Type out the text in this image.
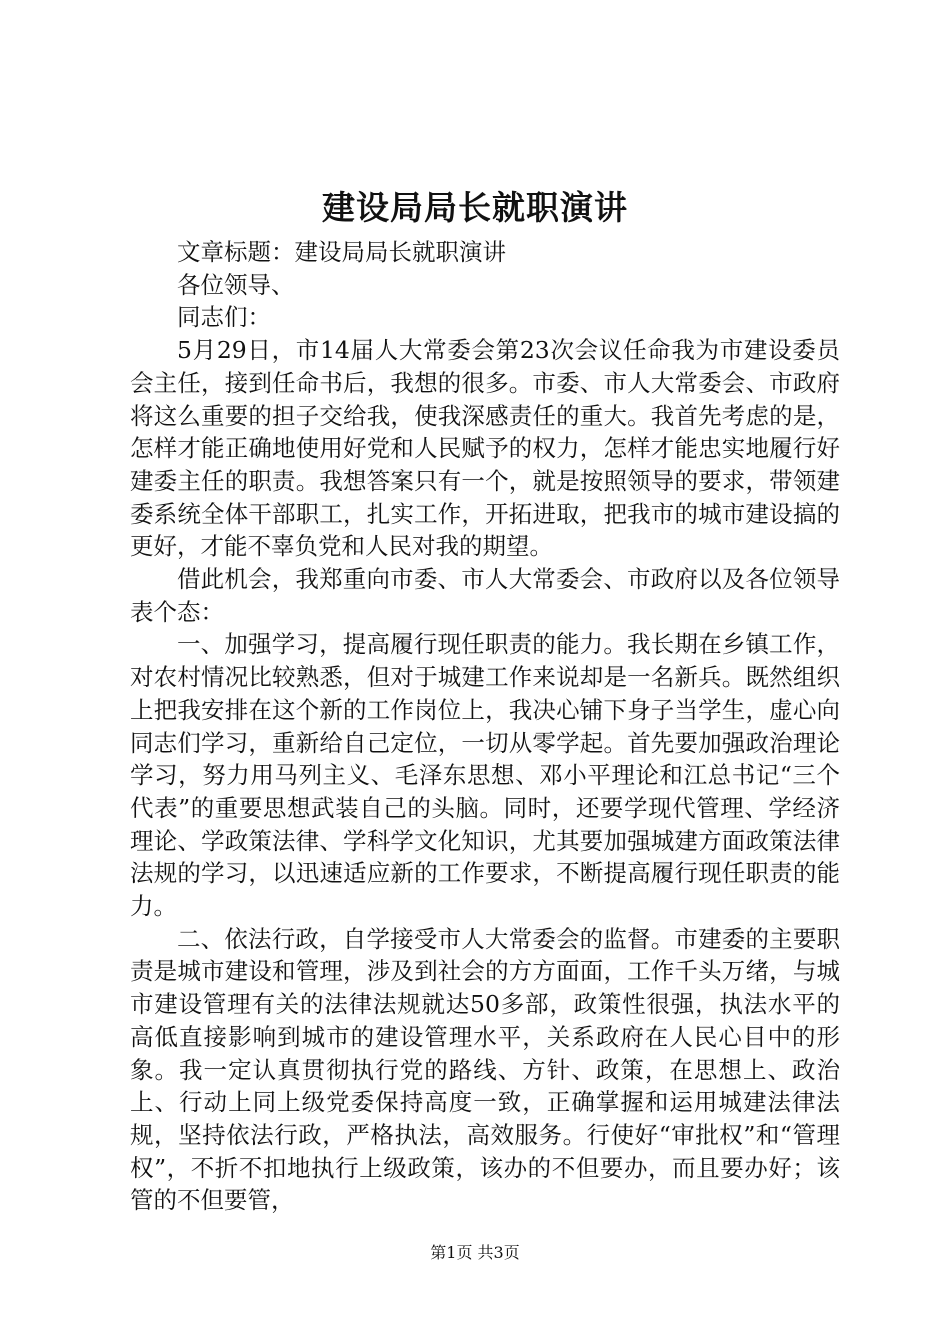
建设局局长就职演讲

文章标题：建设局局长就职演讲

各位领导、

同志们：

5月29日，市14届人大常委会第23次会议任命我为市建设委员会主任，接到任命书后，我想的很多。市委、市人大常委会、市政府将这么重要的担子交给我，使我深感责任的重大。我首先考虑的是，怎样才能正确地使用好党和人民赋予的权力，怎样才能忠实地履行好建委主任的职责。我想答案只有一个，就是按照领导的要求，带领建委系统全体干部职工，扎实工作，开拓进取，把我市的城市建设搞的更好，才能不辜负党和人民对我的期望。

借此机会，我郑重向市委、市人大常委会、市政府以及各位领导表个态：

一、加强学习，提高履行现任职责的能力。我长期在乡镇工作，对农村情况比较熟悉，但对于城建工作来说却是一名新兵。既然组织上把我安排在这个新的工作岗位上，我决心铺下身子当学生，虚心向同志们学习，重新给自己定位，一切从零学起。首先要加强政治理论学习，努力用马列主义、毛泽东思想、邓小平理论和江总书记“三个代表”的重要思想武装自己的头脑。同时，还要学现代管理、学经济理论、学政策法律、学科学文化知识，尤其要加强城建方面政策法律法规的学习，以迅速适应新的工作要求，不断提高履行现任职责的能力。

二、依法行政，自学接受市人大常委会的监督。市建委的主要职责是城市建设和管理，涉及到社会的方方面面，工作千头万绪，与城市建设管理有关的法律法规就达50多部，政策性很强，执法水平的高低直接影响到城市的建设管理水平，关系政府在人民心目中的形象。我一定认真贯彻执行党的路线、方针、政策，在思想上、政治上、行动上同上级党委保持高度一致，正确掌握和运用城建法律法规，坚持依法行政，严格执法，高效服务。行使好“审批权”和“管理权”，不折不扣地执行上级政策，该办的不但要办，而且要办好；该管的不但要管，

第1页 共3页
